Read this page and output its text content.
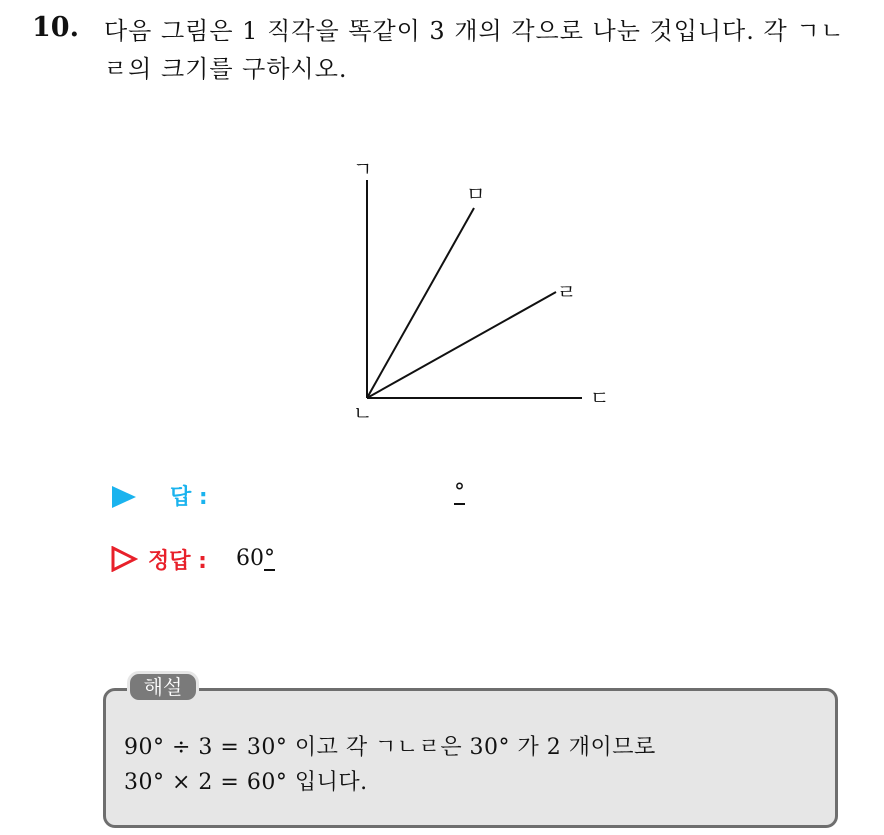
10. 다음 그림은 1 직각을 똑같이 3 개의 각으로 나눈 것입니다. 각 ㄱㄴㄹ의 크기를 구하시오.
ㄱ
ㅁ
ㄹ
ㄴ
ㄷ
답 :	°
정답 : 60°
해설
90° ÷ 3 = 30° 이고 각 ㄱㄴㄹ은 30° 가 2 개이므로
30° × 2 = 60° 입니다.
